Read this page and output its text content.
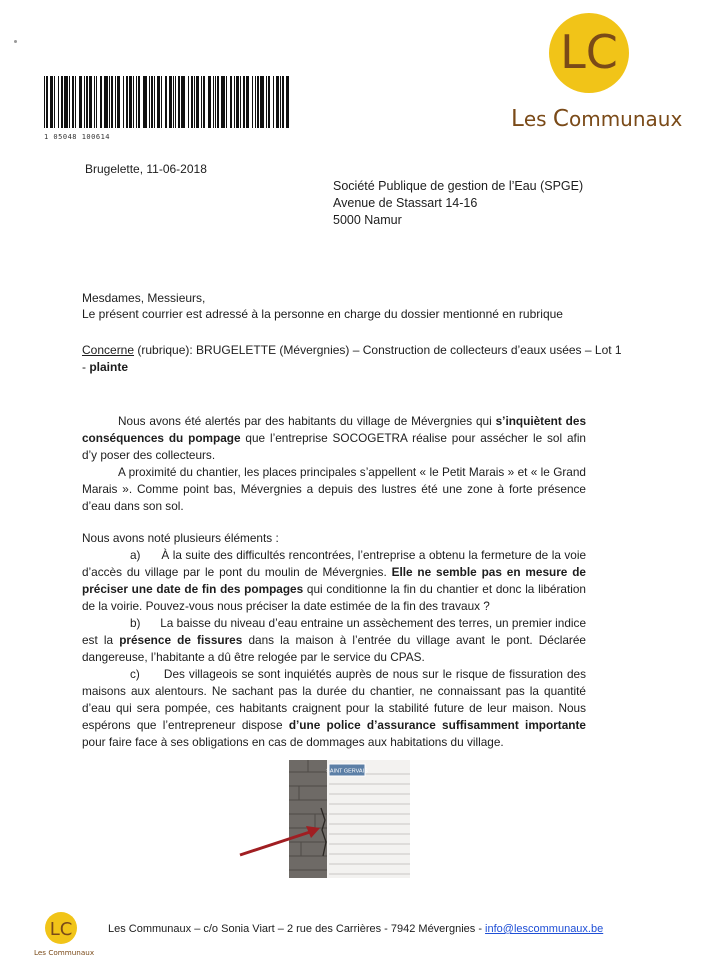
1 05048 100614
LC
Les Communaux
Brugelette, 11-06-2018
Société Publique de gestion de l’Eau (SPGE)
Avenue de Stassart 14-16
5000 Namur
Mesdames, Messieurs,
Le présent courrier est adressé à la personne en charge du dossier mentionné en rubrique
Concerne (rubrique): BRUGELETTE (Mévergnies) – Construction de collecteurs d’eaux usées – Lot 1 - plainte

Nous avons été alertés par des habitants du village de Mévergnies qui s’inquiètent des conséquences du pompage que l’entreprise SOCOGETRA réalise pour assécher le sol afin d’y poser des collecteurs.

A proximité du chantier, les places principales s’appellent « le Petit Marais » et « le Grand Marais ». Comme point bas, Mévergnies a depuis des lustres été une zone à forte présence d’eau dans son sol.

Nous avons noté plusieurs éléments :

a) À la suite des difficultés rencontrées, l’entreprise a obtenu la fermeture de la voie d’accès du village par le pont du moulin de Mévergnies. Elle ne semble pas en mesure de préciser une date de fin des pompages qui conditionne la fin du chantier et donc la libération de la voirie. Pouvez-vous nous préciser la date estimée de la fin des travaux ?

b) La baisse du niveau d’eau entraine un assèchement des terres, un premier indice est la présence de fissures dans la maison à l’entrée du village avant le pont. Déclarée dangereuse, l’habitante a dû être relogée par le service du CPAS.

c) Des villageois se sont inquiétés auprès de nous sur le risque de fissuration des maisons aux alentours. Ne sachant pas la durée du chantier, ne connaissant pas la quantité d’eau qui sera pompée, ces habitants craignent pour la stabilité future de leur maison. Nous espérons que l’entrepreneur dispose d’une police d’assurance suffisamment importante pour faire face à ses obligations en cas de dommages aux habitations du village.

SAINT GERVAIS
LC
Les Communaux
Les Communaux – c/o Sonia Viart – 2 rue des Carrières - 7942 Mévergnies - info@lescommunaux.be
